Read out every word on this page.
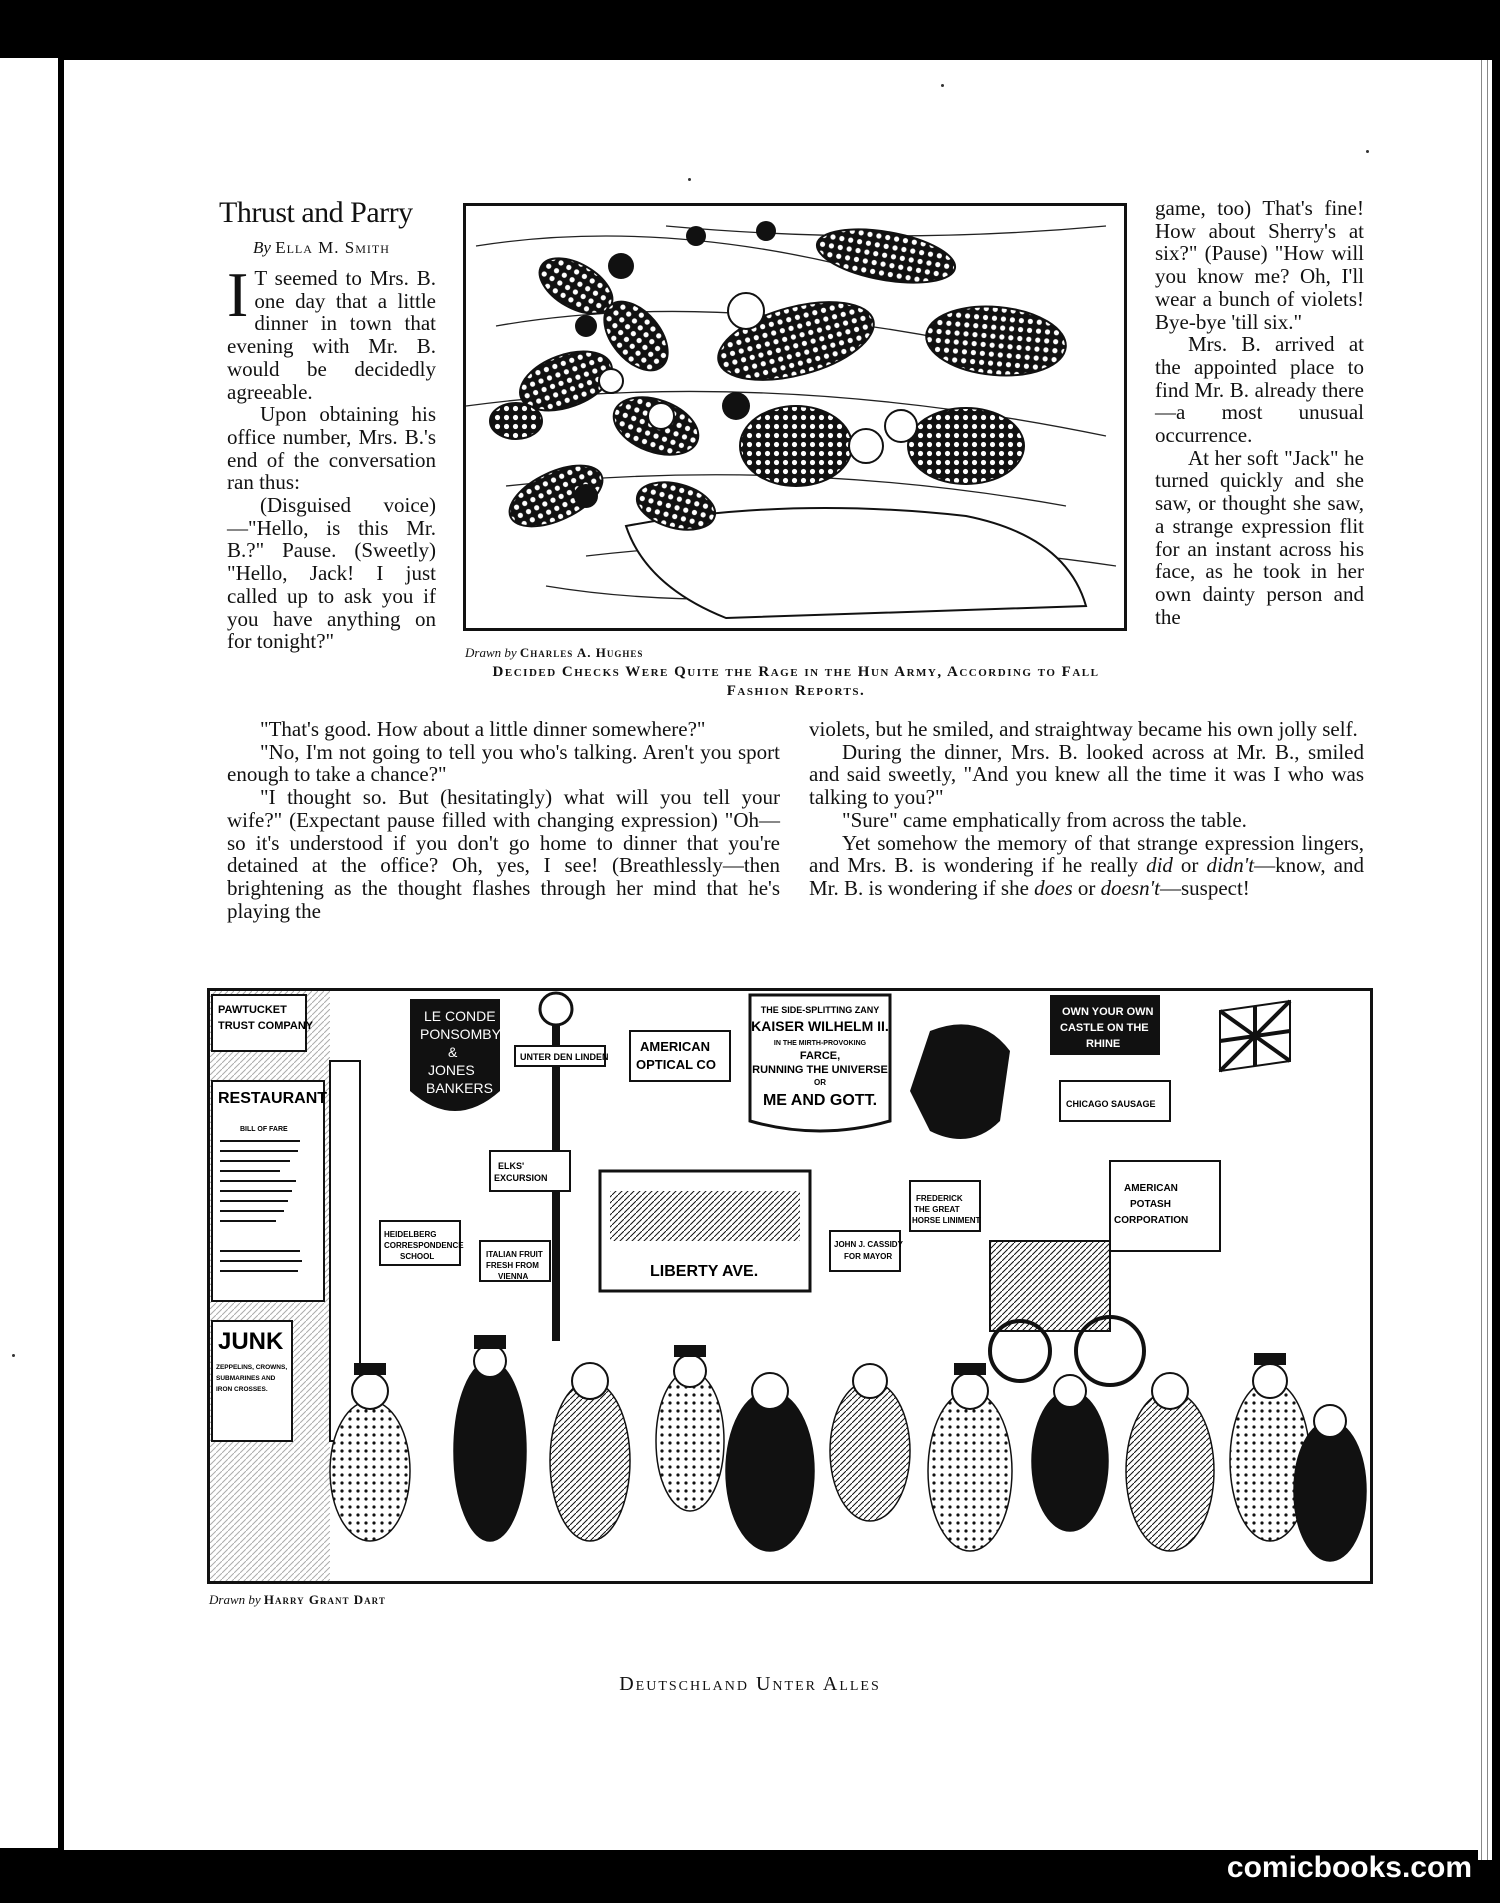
Thrust and Parry
By Ella M. Smith

I T seemed to Mrs. B. one day that a little dinner in town that evening with Mr. B. would be decidedly agreeable.

Upon obtaining his office number, Mrs. B.'s end of the conversation ran thus:

(Disguised voice) —"Hello, is this Mr. B.?" Pause. (Sweetly) "Hello, Jack! I just called up to ask you if you have anything on for tonight?"

game, too) That's fine! How about Sherry's at six?" (Pause) "How will you know me? Oh, I'll wear a bunch of violets! Bye-bye 'till six."

Mrs. B. arrived at the appointed place to find Mr. B. already there—a most unusual occurrence.

At her soft "Jack" he turned quickly and she saw, or thought she saw, a strange expression flit for an instant across his face, as he took in her own dainty person and the

"That's good. How about a little dinner somewhere?"

"No, I'm not going to tell you who's talking. Aren't you sport enough to take a chance?"

"I thought so. But (hesitatingly) what will you tell your wife?" (Expectant pause filled with changing expression) "Oh—so it's understood if you don't go home to dinner that you're detained at the office? Oh, yes, I see! (Breathlessly—then brightening as the thought flashes through her mind that he's playing the

violets, but he smiled, and straightway became his own jolly self.

During the dinner, Mrs. B. looked across at Mr. B., smiled and said sweetly, "And you knew all the time it was I who was talking to you?"

"Sure" came emphatically from across the table.

Yet somehow the memory of that strange expression lingers, and Mrs. B. is wondering if he really did or didn't—know, and Mr. B. is wondering if she does or doesn't—suspect!

Drawn by Charles A. Hughes
Decided Checks Were Quite the Rage in the Hun Army, According to Fall Fashion Reports.
PAWTUCKET TRUST COMPANY
RESTAURANT
BILL OF FARE
JUNK
ZEPPELINS, CROWNS, SUBMARINES AND IRON CROSSES.
LE CONDE PONSOMBY & JONES BANKERS
UNTER DEN LINDEN
AMERICAN OPTICAL CO
THE SIDE-SPLITTING ZANY
KAISER WILHELM II.
IN THE MIRTH-PROVOKING
FARCE,
RUNNING THE UNIVERSE
OR
ME AND GOTT.
OWN YOUR OWN CASTLE ON THE RHINE
CHICAGO SAUSAGE
LIBERTY AVE.
ELKS' EXCURSION
HEIDELBERG CORRESPONDENCE SCHOOL	ITALIAN FRUIT FRESH FROM VIENNA
FREDERICK THE GREAT HORSE LINIMENT
JOHN J. CASSIDY FOR MAYOR
AMERICAN POTASH CORPORATION
Drawn by Harry Grant Dart
Deutschland Unter Alles
comicbooks.com
